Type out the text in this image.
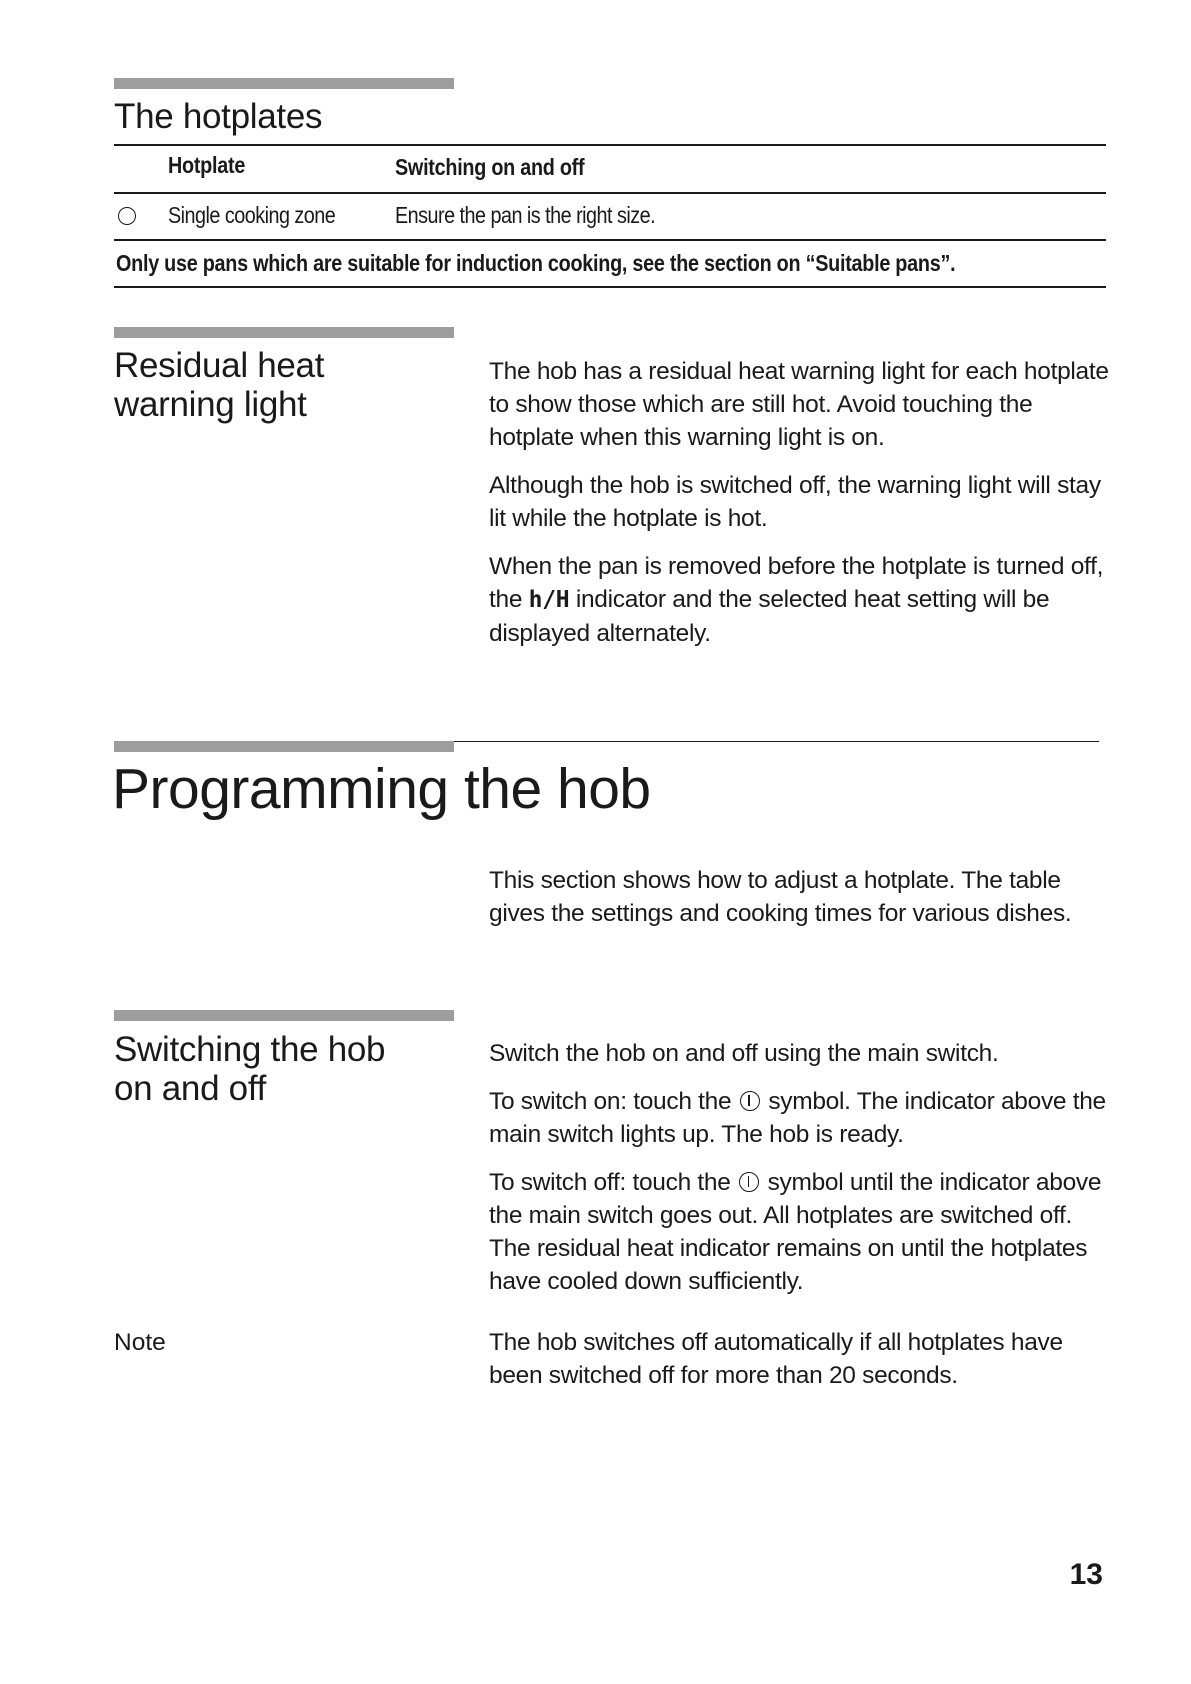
The hotplates
Hotplate	Switching on and off
Single cooking zone	Ensure the pan is the right size.
Only use pans which are suitable for induction cooking, see the section on “Suitable pans”.
Residual heat
warning light

The hob has a residual heat warning light for each hotplate to show those which are still hot. Avoid touching the hotplate when this warning light is on.

Although the hob is switched off, the warning light will stay lit while the hotplate is hot.

When the pan is removed before the hotplate is turned off, the h/H indicator and the selected heat setting will be displayed alternately.

Programming the hob

This section shows how to adjust a hotplate. The table gives the settings and cooking times for various dishes.

Switching the hob
on and off

Switch the hob on and off using the main switch.

To switch on: touch the  symbol. The indicator above the main switch lights up. The hob is ready.

To switch off: touch the  symbol until the indicator above the main switch goes out. All hotplates are switched off. The residual heat indicator remains on until the hotplates have cooled down sufficiently.

Note	The hob switches off automatically if all hotplates have been switched off for more than 20 seconds.

13
